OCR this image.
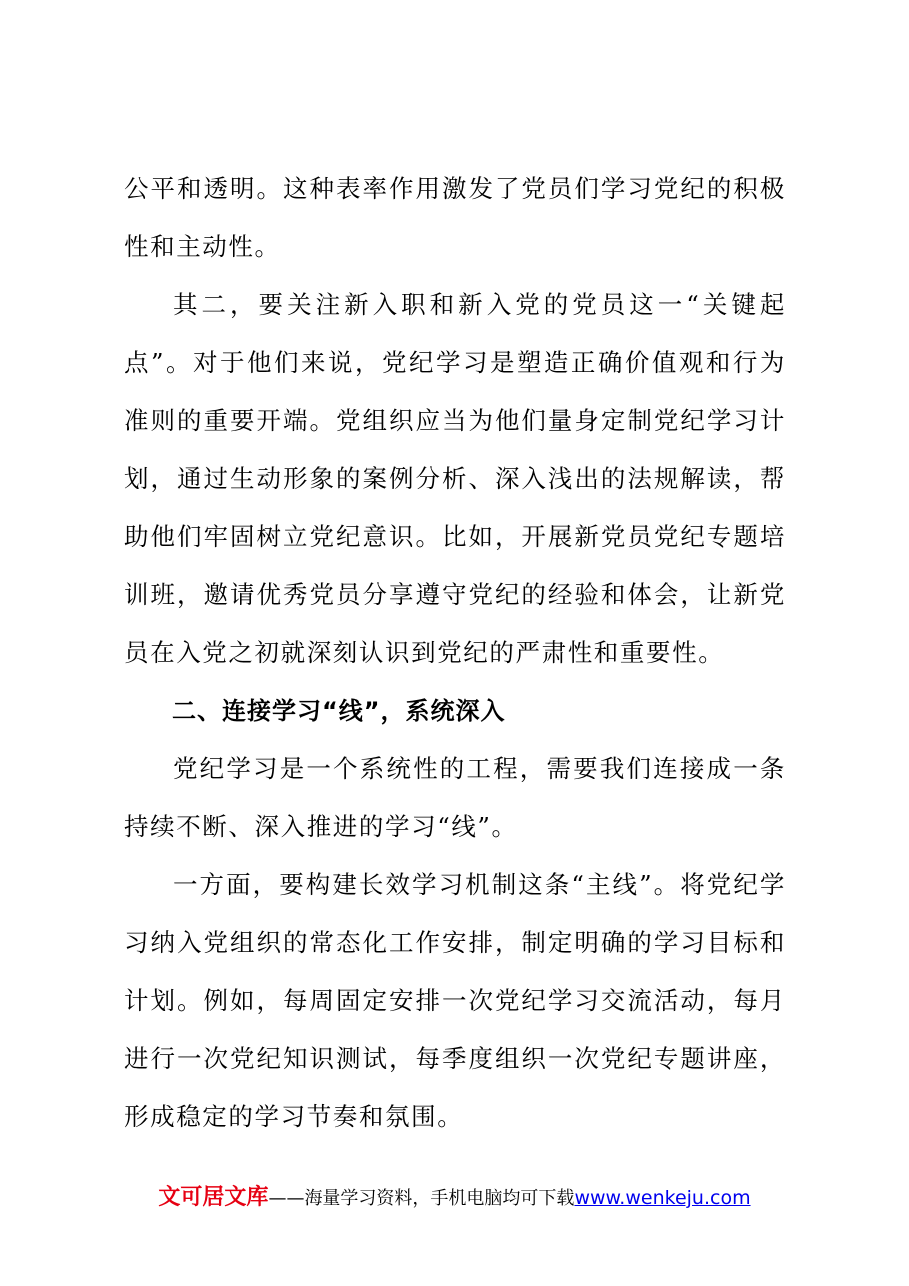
公平和透明。这种表率作用激发了党员们学习党纪的积极性和主动性。

其二，要关注新入职和新入党的党员这一“关键起点”。对于他们来说，党纪学习是塑造正确价值观和行为准则的重要开端。党组织应当为他们量身定制党纪学习计划，通过生动形象的案例分析、深入浅出的法规解读，帮助他们牢固树立党纪意识。比如，开展新党员党纪专题培训班，邀请优秀党员分享遵守党纪的经验和体会，让新党员在入党之初就深刻认识到党纪的严肃性和重要性。

二、连接学习“线”，系统深入

党纪学习是一个系统性的工程，需要我们连接成一条持续不断、深入推进的学习“线”。

一方面，要构建长效学习机制这条“主线”。将党纪学习纳入党组织的常态化工作安排，制定明确的学习目标和计划。例如，每周固定安排一次党纪学习交流活动，每月进行一次党纪知识测试，每季度组织一次党纪专题讲座，形成稳定的学习节奏和氛围。

文可居文库——海量学习资料，手机电脑均可下载www.wenkeju.com
